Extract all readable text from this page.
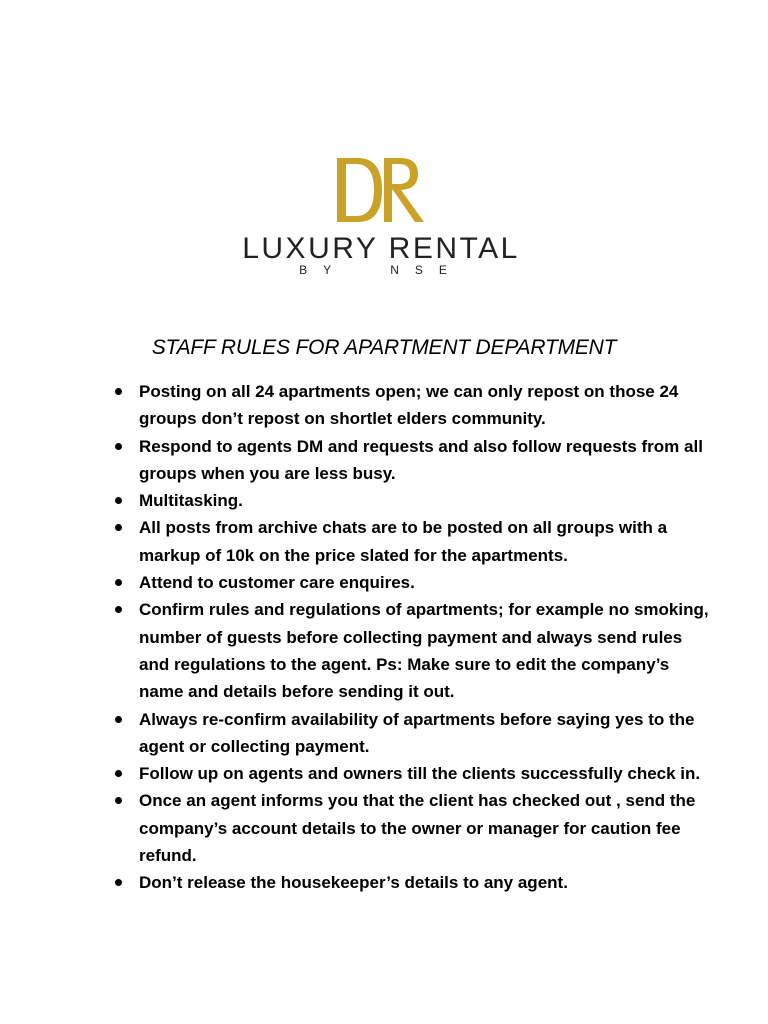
LUXURY RENTAL
BY NSE
STAFF RULES FOR APARTMENT DEPARTMENT
Posting on all 24 apartments open; we can only repost on those 24 groups don’t repost on shortlet elders community.
Respond to agents DM and requests and also follow requests from all groups when you are less busy.
Multitasking.
All posts from archive chats are to be posted on all groups with a markup of 10k on the price slated for the apartments.
Attend to customer care enquires.
Confirm rules and regulations of apartments; for example no smoking, number of guests before collecting payment and always send rules and regulations to the agent. Ps: Make sure to edit the company’s name and details before sending it out.
Always re-confirm availability of apartments before saying yes to the agent or collecting payment.
Follow up on agents and owners till the clients successfully check in.
Once an agent informs you that the client has checked out , send the company’s account details to the owner or manager for caution fee refund.
Don’t release the housekeeper’s details to any agent.
